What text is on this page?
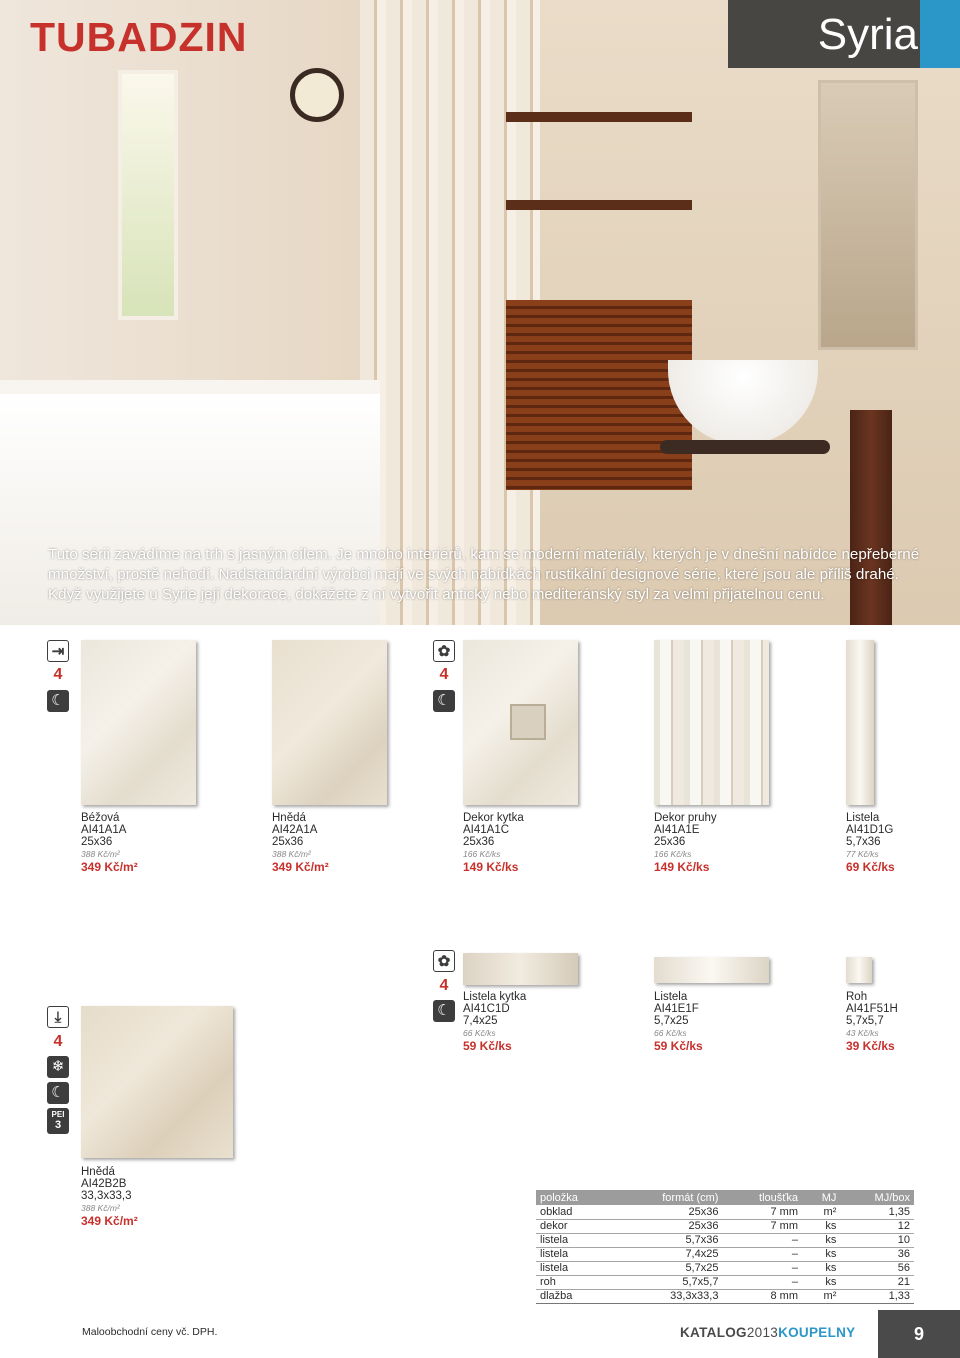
TUBADZIN	Syria
Tuto sérii zavádíme na trh s jasným cílem. Je mnoho interiérů, kam se moderní materiály, kterých je v dnešní nabídce nepřeberné množství, prostě nehodí. Nadstandardní výrobci mají ve svých nabídkách rustikální designové série, které jsou ale příliš drahé. Když využijete u Syrie její dekorace, dokážete z ní vytvořit antický nebo mediteránský styl za velmi přijatelnou cenu.
⇥
4
☾
✿
4
☾
Béžová
AI41A1A
25x36
388 Kč/m²
349 Kč/m²
Hnědá
AI42A1A
25x36
388 Kč/m²
349 Kč/m²
Dekor kytka
AI41A1C
25x36
166 Kč/ks
149 Kč/ks
Dekor pruhy
AI41A1E
25x36
166 Kč/ks
149 Kč/ks
Listela
AI41D1G
5,7x36
77 Kč/ks
69 Kč/ks
✿
4
☾
Listela kytka
AI41C1D
7,4x25
66 Kč/ks
59 Kč/ks
Listela
AI41E1F
5,7x25
66 Kč/ks
59 Kč/ks
Roh
AI41F51H
5,7x5,7
43 Kč/ks
39 Kč/ks
⤓
4
❄
☾
PEI
3
Hnědá
AI42B2B
33,3x33,3
388 Kč/m²
349 Kč/m²
položka	formát (cm)	tloušťka	MJ	MJ/box
obklad	25x36	7 mm	m²	1,35
dekor	25x36	7 mm	ks	12
listela	5,7x36	–	ks	10
listela	7,4x25	–	ks	36
listela	5,7x25	–	ks	56
roh	5,7x5,7	–	ks	21
dlažba	33,3x33,3	8 mm	m²	1,33
Maloobchodní ceny vč. DPH.	KATALOG2013KOUPELNY	9
